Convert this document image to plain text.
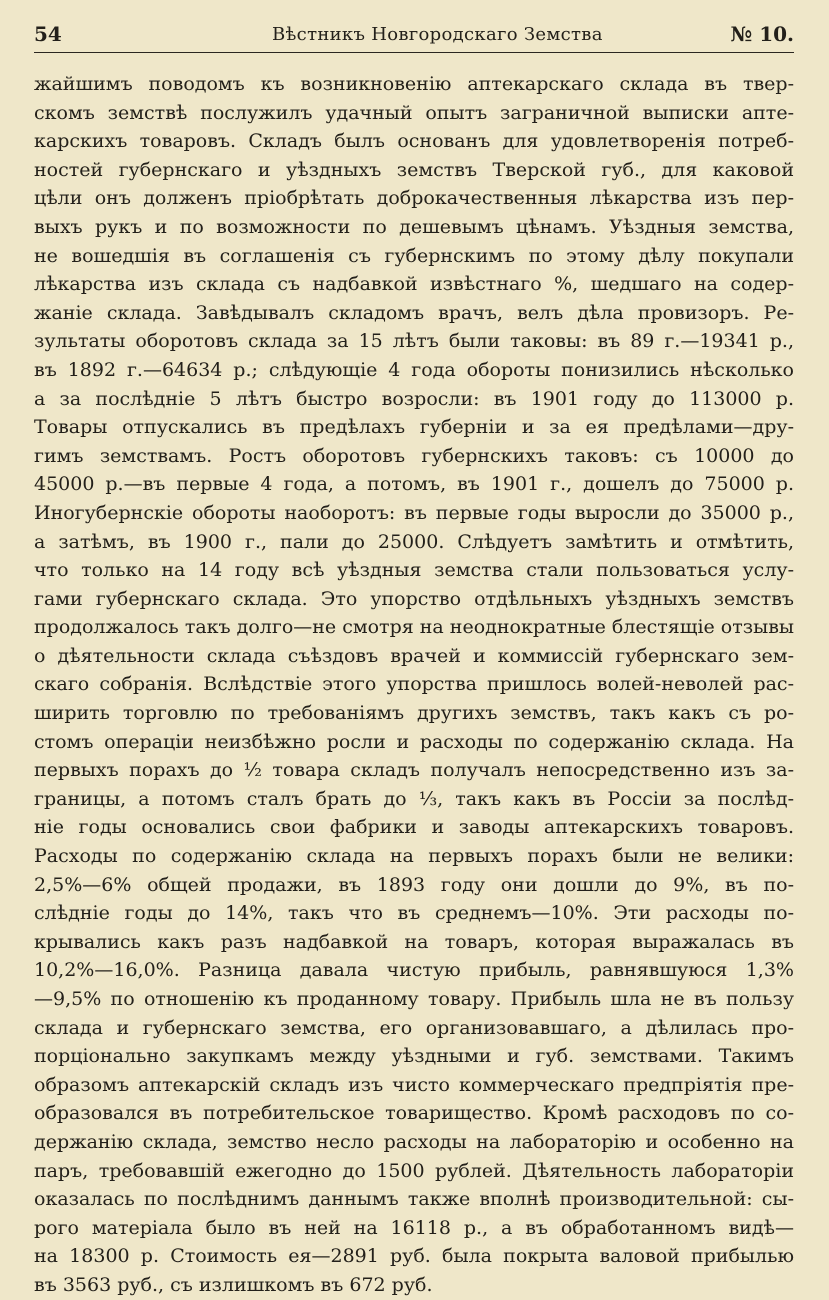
54	Вѣстникъ Новгородскаго Земства	№ 10.
жайшимъ поводомъ къ возникновенію аптекарскаго склада въ твер-
скомъ земствѣ послужилъ удачный опытъ заграничной выписки апте-
карскихъ товаровъ. Складъ былъ основанъ для удовлетворенія потреб-
ностей губернскаго и уѣздныхъ земствъ Тверской губ., для каковой
цѣли онъ долженъ пріобрѣтать доброкачественныя лѣкарства изъ пер-
выхъ рукъ и по возможности по дешевымъ цѣнамъ. Уѣздныя земства,
не вошедшія въ соглашенія съ губернскимъ по этому дѣлу покупали
лѣкарства изъ склада съ надбавкой извѣстнаго %, шедшаго на содер-
жаніе склада. Завѣдывалъ складомъ врачъ, велъ дѣла провизоръ. Ре-
зультаты оборотовъ склада за 15 лѣтъ были таковы: въ 89 г.—19341 р.,
въ 1892 г.—64634 р.; слѣдующіе 4 года обороты понизились нѣсколько
а за послѣдніе 5 лѣтъ быстро возросли: въ 1901 году до 113000 р.
Товары отпускались въ предѣлахъ губерніи и за ея предѣлами—дру-
гимъ земствамъ. Ростъ оборотовъ губернскихъ таковъ: съ 10000 до
45000 р.—въ первые 4 года, а потомъ, въ 1901 г., дошелъ до 75000 р.
Иногубернскіе обороты наоборотъ: въ первые годы выросли до 35000 р.,
а затѣмъ, въ 1900 г., пали до 25000. Слѣдуетъ замѣтить и отмѣтить,
что только на 14 году всѣ уѣздныя земства стали пользоваться услу-
гами губернскаго склада. Это упорство отдѣльныхъ уѣздныхъ земствъ
продолжалось такъ долго—не смотря на неоднократные блестящіе отзывы
о дѣятельности склада съѣздовъ врачей и коммиссій губернскаго зем-
скаго собранія. Вслѣдствіе этого упорства пришлось волей-неволей рас-
ширить торговлю по требованіямъ другихъ земствъ, такъ какъ съ ро-
стомъ операціи неизбѣжно росли и расходы по содержанію склада. На
первыхъ порахъ до ½ товара складъ получалъ непосредственно изъ за-
границы, а потомъ сталъ брать до ⅓, такъ какъ въ Россіи за послѣд-
ніе годы основались свои фабрики и заводы аптекарскихъ товаровъ.
Расходы по содержанію склада на первыхъ порахъ были не велики:
2,5%—6% общей продажи, въ 1893 году они дошли до 9%, въ по-
слѣдніе годы до 14%, такъ что въ среднемъ—10%. Эти расходы по-
крывались какъ разъ надбавкой на товаръ, которая выражалась въ
10,2%—16,0%. Разница давала чистую прибыль, равнявшуюся 1,3%
—9,5% по отношенію къ проданному товару. Прибыль шла не въ пользу
склада и губернскаго земства, его организовавшаго, а дѣлилась про-
порціонально закупкамъ между уѣздными и губ. земствами. Такимъ
образомъ аптекарскій складъ изъ чисто коммерческаго предпріятія пре-
образовался въ потребительское товарищество. Кромѣ расходовъ по со-
держанію склада, земство несло расходы на лабораторію и особенно на
паръ, требовавшій ежегодно до 1500 рублей. Дѣятельность лабораторіи
оказалась по послѣднимъ даннымъ также вполнѣ производительной: сы-
рого матеріала было въ ней на 16118 р., а въ обработанномъ видѣ—
на 18300 р. Стоимость ея—2891 руб. была покрыта валовой прибылью
въ 3563 руб., съ излишкомъ въ 672 руб.
